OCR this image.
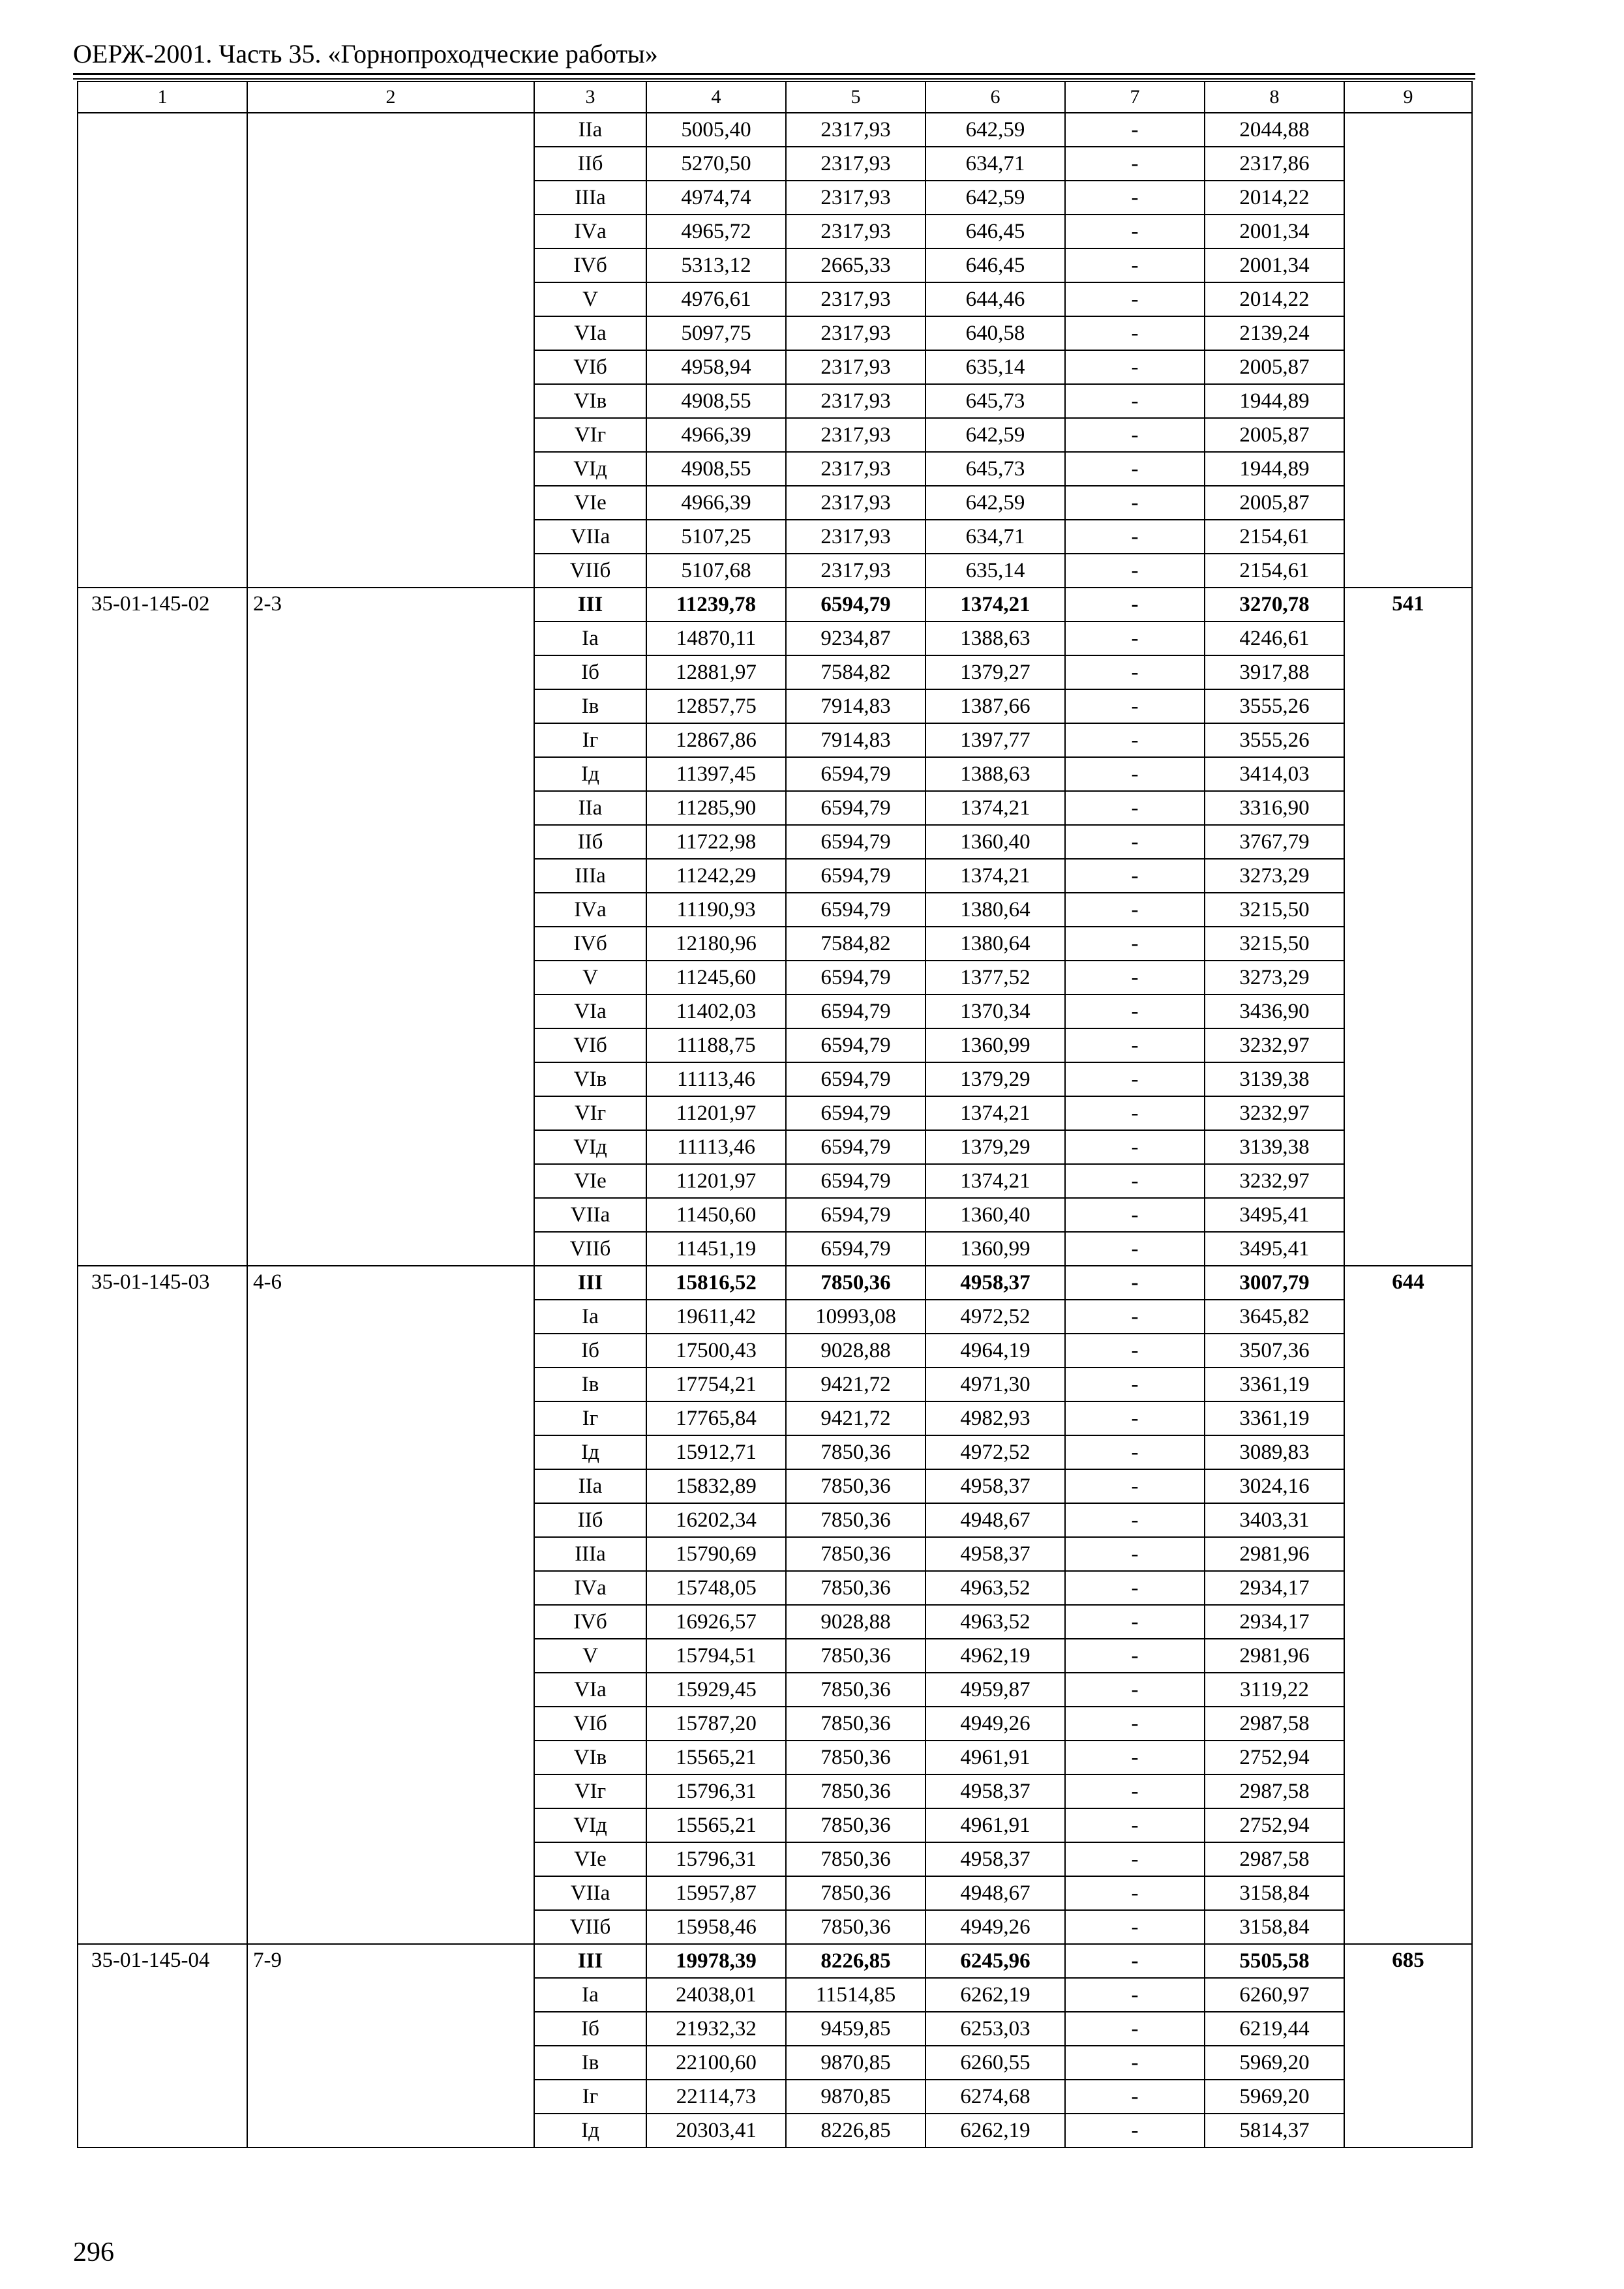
ОЕРЖ-2001. Часть 35. «Горнопроходческие работы»
1	2	3	4	5	6	7	8	9
		IIа	5005,40	2317,93	642,59	-	2044,88	
		IIб	5270,50	2317,93	634,71	-	2317,86	
		IIIа	4974,74	2317,93	642,59	-	2014,22	
		IVа	4965,72	2317,93	646,45	-	2001,34	
		IVб	5313,12	2665,33	646,45	-	2001,34	
		V	4976,61	2317,93	644,46	-	2014,22	
		VIа	5097,75	2317,93	640,58	-	2139,24	
		VIб	4958,94	2317,93	635,14	-	2005,87	
		VIв	4908,55	2317,93	645,73	-	1944,89	
		VIг	4966,39	2317,93	642,59	-	2005,87	
		VIд	4908,55	2317,93	645,73	-	1944,89	
		VIе	4966,39	2317,93	642,59	-	2005,87	
		VIIа	5107,25	2317,93	634,71	-	2154,61	
		VIIб	5107,68	2317,93	635,14	-	2154,61	
35-01-145-02	2-3	III	11239,78	6594,79	1374,21	-	3270,78	541
		Iа	14870,11	9234,87	1388,63	-	4246,61	
		Iб	12881,97	7584,82	1379,27	-	3917,88	
		Iв	12857,75	7914,83	1387,66	-	3555,26	
		Iг	12867,86	7914,83	1397,77	-	3555,26	
		Iд	11397,45	6594,79	1388,63	-	3414,03	
		IIа	11285,90	6594,79	1374,21	-	3316,90	
		IIб	11722,98	6594,79	1360,40	-	3767,79	
		IIIа	11242,29	6594,79	1374,21	-	3273,29	
		IVа	11190,93	6594,79	1380,64	-	3215,50	
		IVб	12180,96	7584,82	1380,64	-	3215,50	
		V	11245,60	6594,79	1377,52	-	3273,29	
		VIа	11402,03	6594,79	1370,34	-	3436,90	
		VIб	11188,75	6594,79	1360,99	-	3232,97	
		VIв	11113,46	6594,79	1379,29	-	3139,38	
		VIг	11201,97	6594,79	1374,21	-	3232,97	
		VIд	11113,46	6594,79	1379,29	-	3139,38	
		VIе	11201,97	6594,79	1374,21	-	3232,97	
		VIIа	11450,60	6594,79	1360,40	-	3495,41	
		VIIб	11451,19	6594,79	1360,99	-	3495,41	
35-01-145-03	4-6	III	15816,52	7850,36	4958,37	-	3007,79	644
		Iа	19611,42	10993,08	4972,52	-	3645,82	
		Iб	17500,43	9028,88	4964,19	-	3507,36	
		Iв	17754,21	9421,72	4971,30	-	3361,19	
		Iг	17765,84	9421,72	4982,93	-	3361,19	
		Iд	15912,71	7850,36	4972,52	-	3089,83	
		IIа	15832,89	7850,36	4958,37	-	3024,16	
		IIб	16202,34	7850,36	4948,67	-	3403,31	
		IIIа	15790,69	7850,36	4958,37	-	2981,96	
		IVа	15748,05	7850,36	4963,52	-	2934,17	
		IVб	16926,57	9028,88	4963,52	-	2934,17	
		V	15794,51	7850,36	4962,19	-	2981,96	
		VIа	15929,45	7850,36	4959,87	-	3119,22	
		VIб	15787,20	7850,36	4949,26	-	2987,58	
		VIв	15565,21	7850,36	4961,91	-	2752,94	
		VIг	15796,31	7850,36	4958,37	-	2987,58	
		VIд	15565,21	7850,36	4961,91	-	2752,94	
		VIе	15796,31	7850,36	4958,37	-	2987,58	
		VIIа	15957,87	7850,36	4948,67	-	3158,84	
		VIIб	15958,46	7850,36	4949,26	-	3158,84	
35-01-145-04	7-9	III	19978,39	8226,85	6245,96	-	5505,58	685
		Iа	24038,01	11514,85	6262,19	-	6260,97	
		Iб	21932,32	9459,85	6253,03	-	6219,44	
		Iв	22100,60	9870,85	6260,55	-	5969,20	
		Iг	22114,73	9870,85	6274,68	-	5969,20	
		Iд	20303,41	8226,85	6262,19	-	5814,37	
296
